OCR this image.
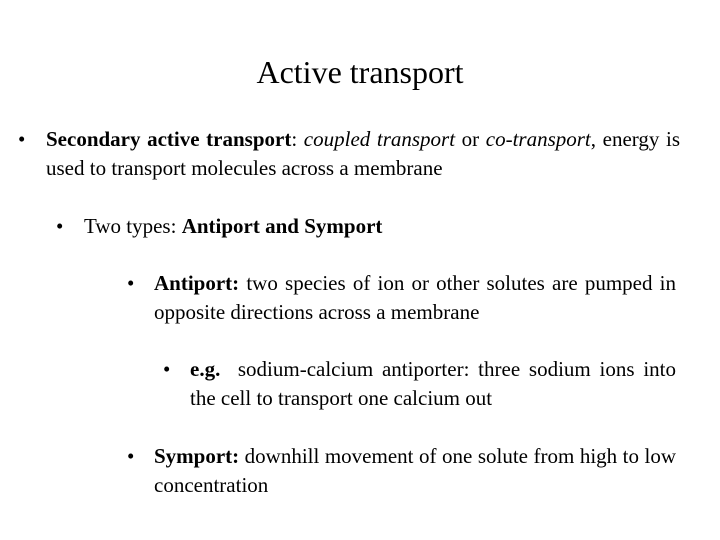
Active transport
• Secondary active transport: coupled transport or co-transport, energy is used to transport molecules across a membrane
• Two types: Antiport and Symport
• Antiport: two species of ion or other solutes are pumped in opposite directions across a membrane
• e.g.  sodium-calcium antiporter: three sodium ions into the cell to transport one calcium out
• Symport: downhill movement of one solute from high to low concentration
